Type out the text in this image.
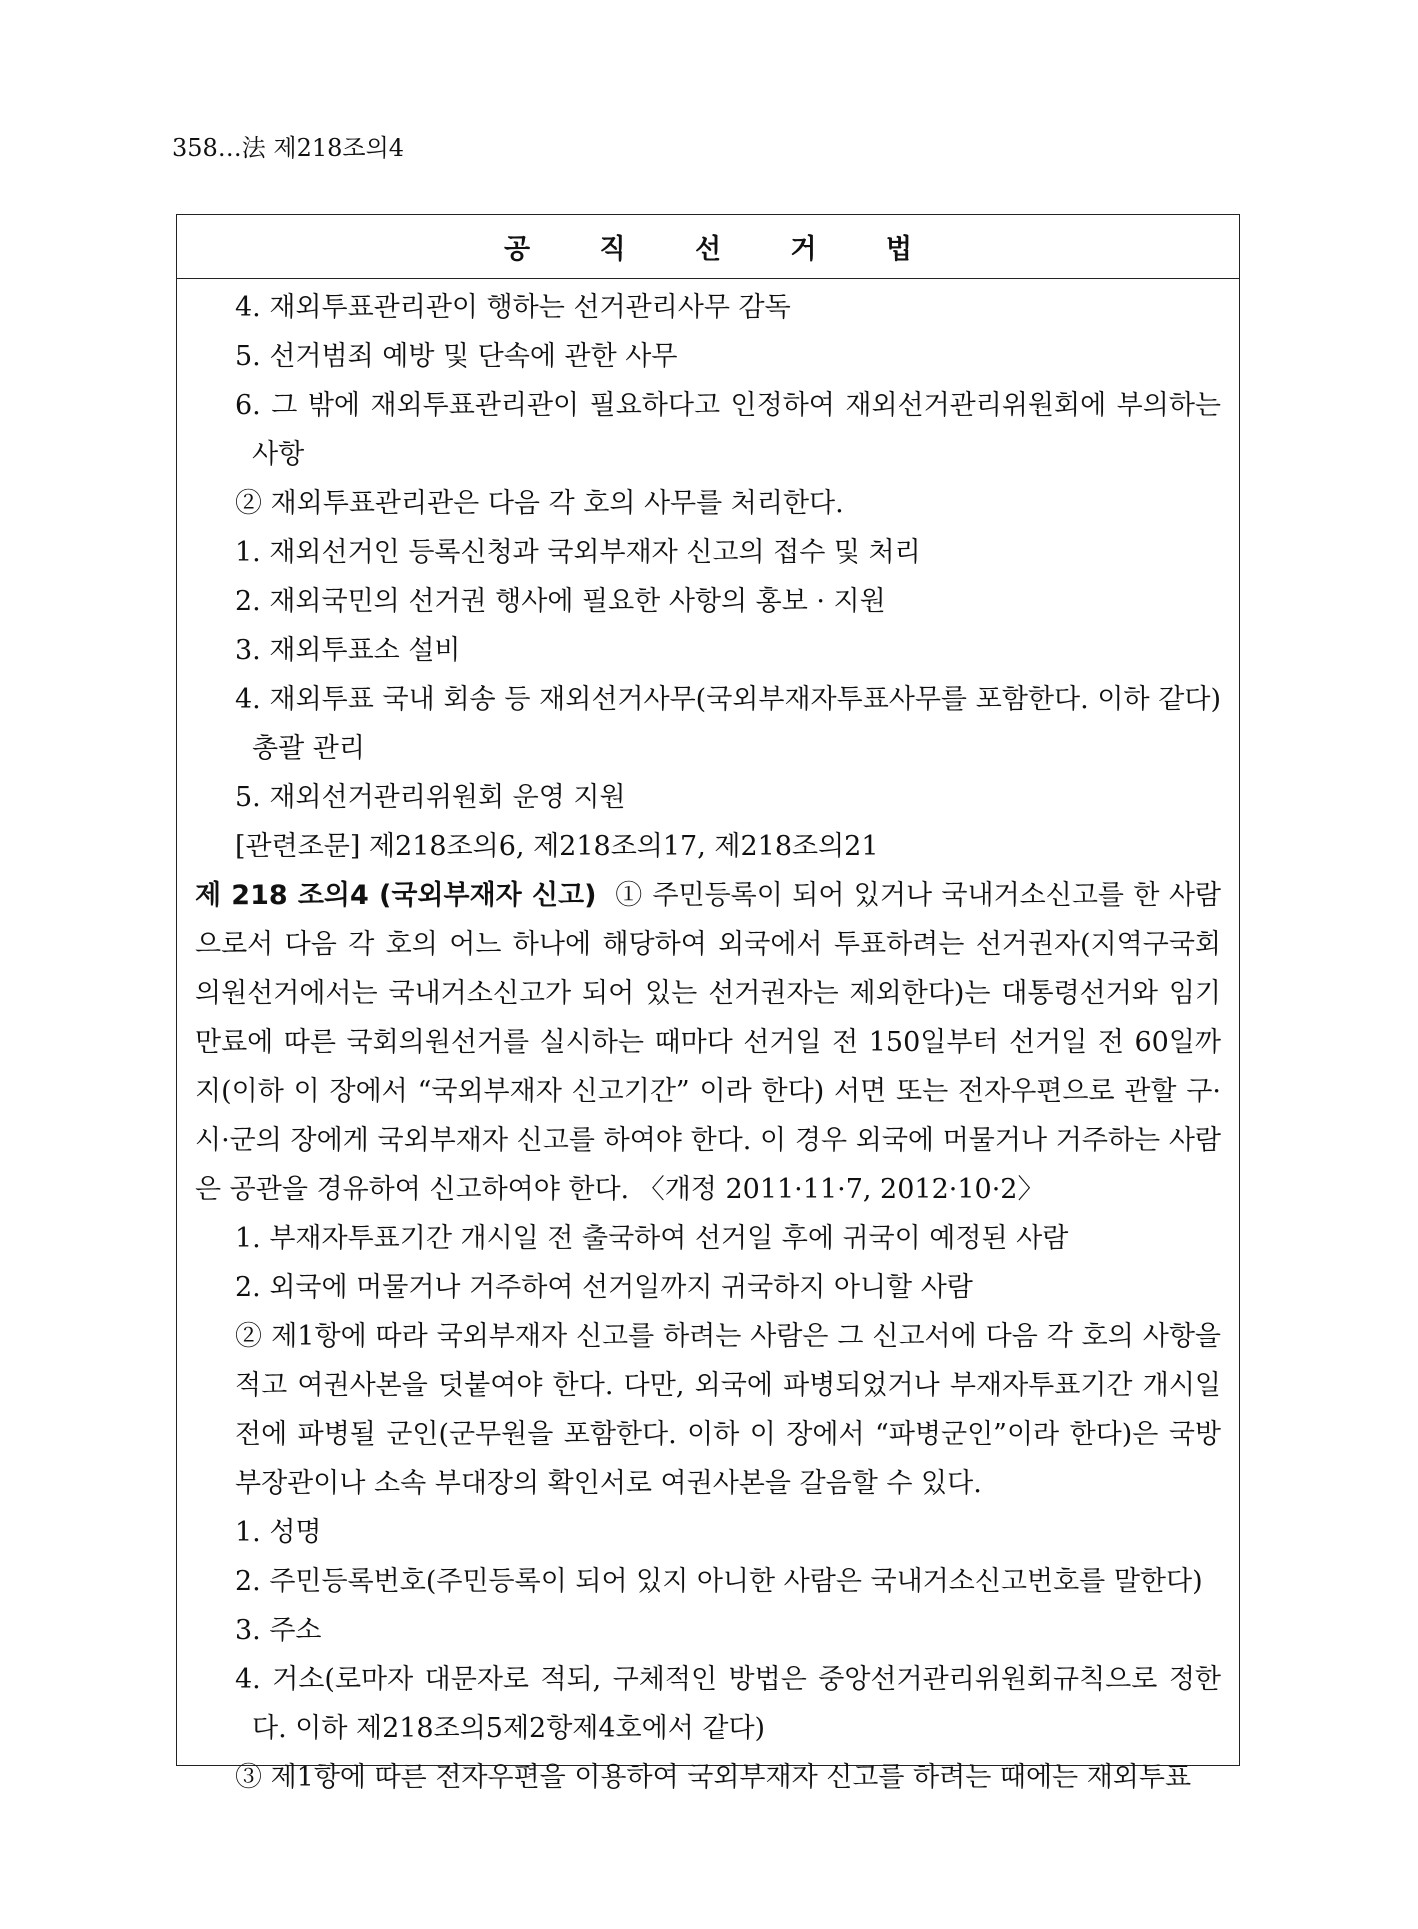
358…法 제218조의4
공 직 선 거 법

4. 재외투표관리관이 행하는 선거관리사무 감독

5. 선거범죄 예방 및 단속에 관한 사무

6. 그 밖에 재외투표관리관이 필요하다고 인정하여 재외선거관리위원회에 부의하는 사항

② 재외투표관리관은 다음 각 호의 사무를 처리한다.

1. 재외선거인 등록신청과 국외부재자 신고의 접수 및 처리

2. 재외국민의 선거권 행사에 필요한 사항의 홍보 · 지원

3. 재외투표소 설비

4. 재외투표 국내 회송 등 재외선거사무(국외부재자투표사무를 포함한다. 이하 같다) 총괄 관리

5. 재외선거관리위원회 운영 지원

[관련조문] 제218조의6, 제218조의17, 제218조의21

제 218 조의4 (국외부재자 신고) ① 주민등록이 되어 있거나 국내거소신고를 한 사람으로서 다음 각 호의 어느 하나에 해당하여 외국에서 투표하려는 선거권자(지역구국회의원선거에서는 국내거소신고가 되어 있는 선거권자는 제외한다)는 대통령선거와 임기만료에 따른 국회의원선거를 실시하는 때마다 선거일 전 150일부터 선거일 전 60일까지(이하 이 장에서 “국외부재자 신고기간” 이라 한다) 서면 또는 전자우편으로 관할 구·시·군의 장에게 국외부재자 신고를 하여야 한다. 이 경우 외국에 머물거나 거주하는 사람은 공관을 경유하여 신고하여야 한다. 〈개정 2011·11·7, 2012·10·2〉

1. 부재자투표기간 개시일 전 출국하여 선거일 후에 귀국이 예정된 사람

2. 외국에 머물거나 거주하여 선거일까지 귀국하지 아니할 사람

② 제1항에 따라 국외부재자 신고를 하려는 사람은 그 신고서에 다음 각 호의 사항을 적고 여권사본을 덧붙여야 한다. 다만, 외국에 파병되었거나 부재자투표기간 개시일 전에 파병될 군인(군무원을 포함한다. 이하 이 장에서 “파병군인”이라 한다)은 국방부장관이나 소속 부대장의 확인서로 여권사본을 갈음할 수 있다.

1. 성명

2. 주민등록번호(주민등록이 되어 있지 아니한 사람은 국내거소신고번호를 말한다)

3. 주소

4. 거소(로마자 대문자로 적되, 구체적인 방법은 중앙선거관리위원회규칙으로 정한다. 이하 제218조의5제2항제4호에서 같다)

③ 제1항에 따른 전자우편을 이용하여 국외부재자 신고를 하려는 때에는 재외투표
